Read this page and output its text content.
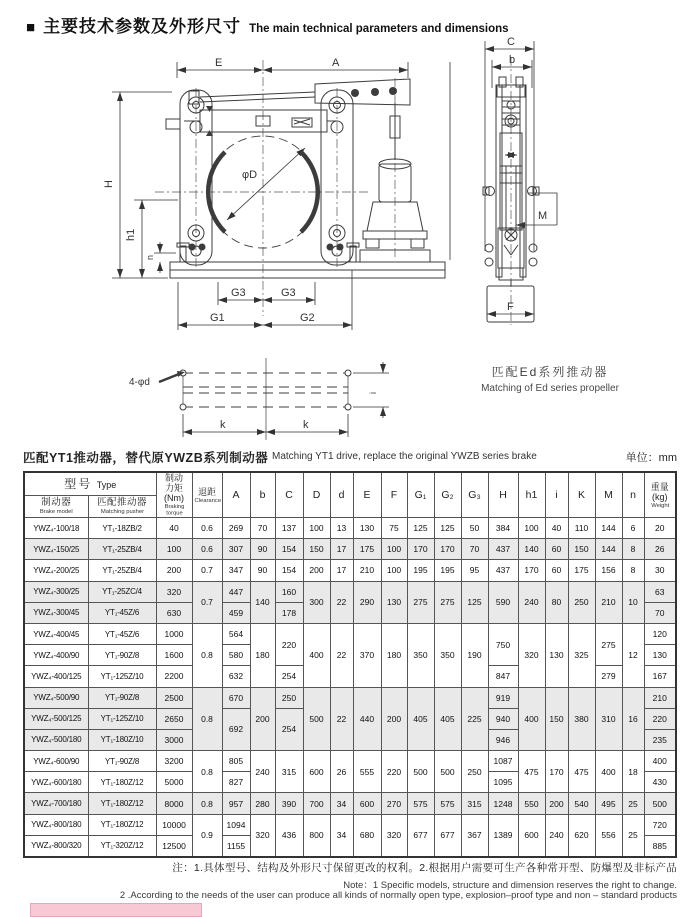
■ 主要技术参数及外形尺寸 The main technical parameters and dimensions
E	A
H
h1
n
φD
G3	G3
G1	G2
C
b
M
F
4-φd
k	k
i
匹配Ed系列推动器
Matching of Ed series propeller
匹配YT1推动器，替代原YWZB系列制动器 Matching YT1 drive, replace the original YWZB series brake	单位：mm
型号 Type	
制动
力矩
(Nm)
Braking torque

退距
Clearance	A	b	C	D	d	E	F	G₁	G₂	G₃	H	h1	i	K	M	n	
重量
(kg)
Weight

制动器
Brake model

匹配推动器
Matching pusher

YWZ₄-100/18	YT₁-18ZB/2	40	0.6	269	70	137	100	13	130	75	125	125	50	384	100	40	110	144	6	20
YWZ₄-150/25	YT₁-25ZB/4	100	0.6	307	90	154	150	17	175	100	170	170	70	437	140	60	150	144	8	26
YWZ₄-200/25	YT₁-25ZB/4	200	0.7	347	90	154	200	17	210	100	195	195	95	437	170	60	175	156	8	30
YWZ₄-300/25	YT₁-25ZC/4	320	0.7	447	140	160	300	22	290	130	275	275	125	590	240	80	250	210	10	63
YWZ₄-300/45	YT₁-45Z/6	630		459		178														70
YWZ₄-400/45	YT₁-45Z/6	1000	0.8	564	180	220	400	22	370	180	350	350	190	750	320	130	325	275	12	120
YWZ₄-400/90	YT₁-90Z/8	1600		580																130
YWZ₄-400/125	YT₁-125Z/10	2200		632		254								847				279		167
YWZ₄-500/90	YT₁-90Z/8	2500	0.8	670	200	250	500	22	440	200	405	405	225	919	400	150	380	310	16	210
YWZ₄-500/125	YT₁-125Z/10	2650		692		254								940						220
YWZ₄-500/180	YT₁-180Z/10	3000												946						235
YWZ₄-600/90	YT₁-90Z/8	3200	0.8	805	240	315	600	26	555	220	500	500	250	1087	475	170	475	400	18	400
YWZ₄-600/180	YT₁-180Z/12	5000		827										1095						430
YWZ₄-700/180	YT₁-180Z/12	8000	0.8	957	280	390	700	34	600	270	575	575	315	1248	550	200	540	495	25	500
YWZ₄-800/180	YT₁-180Z/12	10000	0.9	1094	320	436	800	34	680	320	677	677	367	1389	600	240	620	556	25	720
YWZ₄-800/320	YT₁-320Z/12	12500		1155																885
注：1.具体型号、结构及外形尺寸保留更改的权利。2.根据用户需要可生产各种常开型、防爆型及非标产品
Note：1 Specific models, structure and dimension reserves the right to change.
2 .According to the needs of the user can produce all kinds of normally open type, explosion–proof type and non – standard products
